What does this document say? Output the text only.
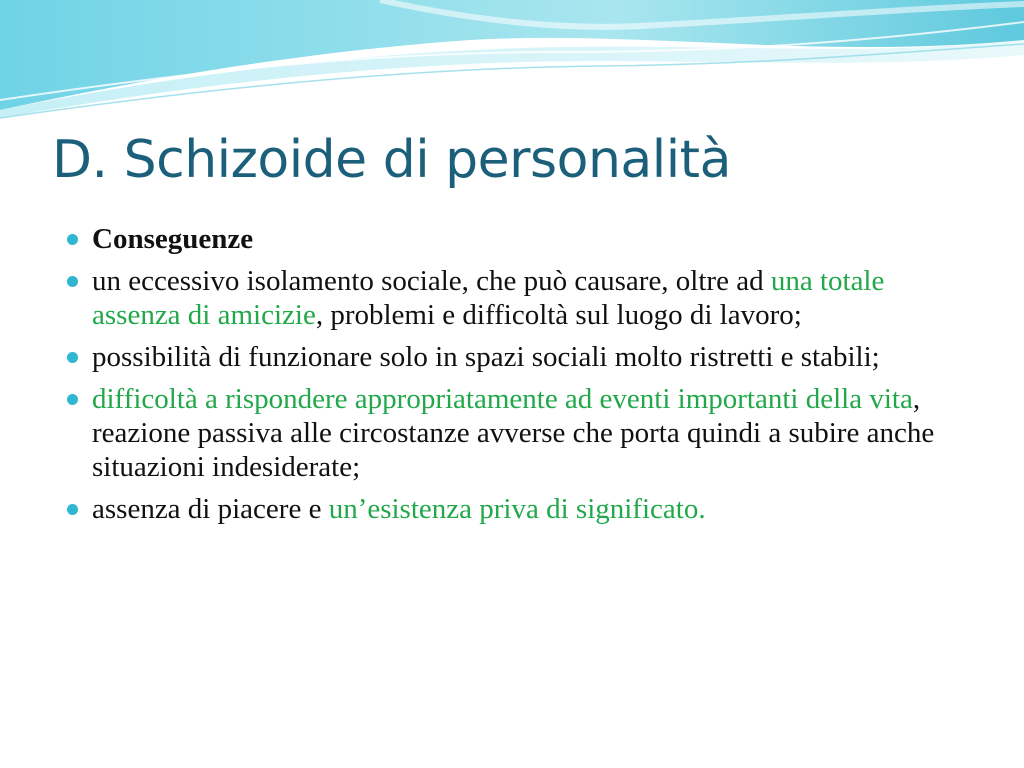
D. Schizoide di personalità
Conseguenze
un eccessivo isolamento sociale, che può causare, oltre ad una totale assenza di amicizie, problemi e difficoltà sul luogo di lavoro;
possibilità di funzionare solo in spazi sociali molto ristretti e stabili;
difficoltà a rispondere appropriatamente ad eventi importanti della vita, reazione passiva alle circostanze avverse che porta quindi a subire anche situazioni indesiderate;
assenza di piacere e un’esistenza priva di significato.
